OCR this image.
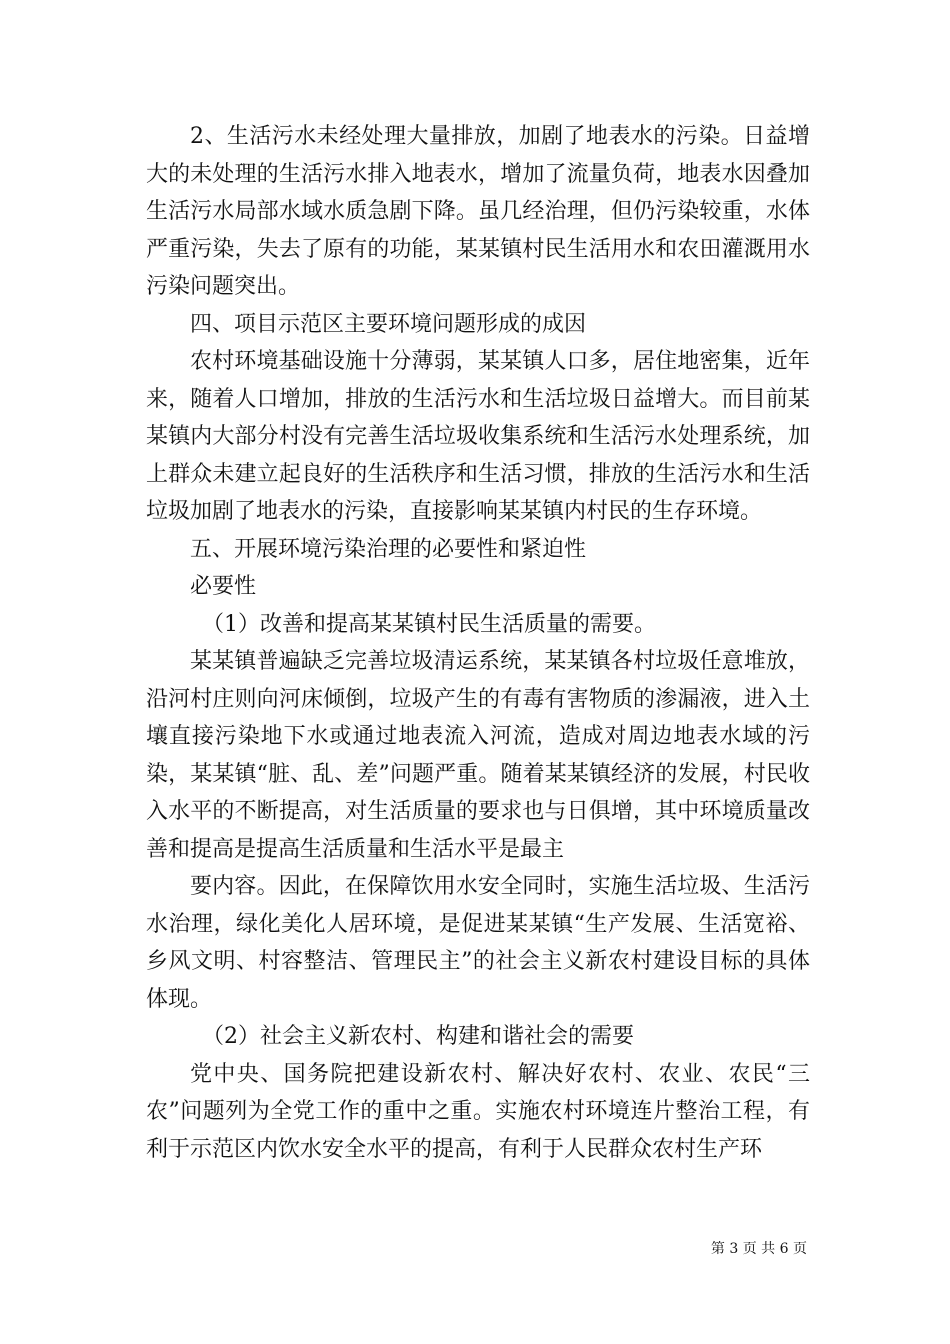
2、生活污水未经处理大量排放，加剧了地表水的污染。日益增大的未处理的生活污水排入地表水，增加了流量负荷，地表水因叠加生活污水局部水域水质急剧下降。虽几经治理，但仍污染较重，水体严重污染，失去了原有的功能，某某镇村民生活用水和农田灌溉用水污染问题突出。

四、项目示范区主要环境问题形成的成因

农村环境基础设施十分薄弱，某某镇人口多，居住地密集，近年来，随着人口增加，排放的生活污水和生活垃圾日益增大。而目前某某镇内大部分村没有完善生活垃圾收集系统和生活污水处理系统，加上群众未建立起良好的生活秩序和生活习惯，排放的生活污水和生活垃圾加剧了地表水的污染，直接影响某某镇内村民的生存环境。

五、开展环境污染治理的必要性和紧迫性

必要性

（1）改善和提高某某镇村民生活质量的需要。

某某镇普遍缺乏完善垃圾清运系统，某某镇各村垃圾任意堆放，沿河村庄则向河床倾倒，垃圾产生的有毒有害物质的渗漏液，进入土壤直接污染地下水或通过地表流入河流，造成对周边地表水域的污染，某某镇“脏、乱、差”问题严重。随着某某镇经济的发展，村民收入水平的不断提高，对生活质量的要求也与日俱增，其中环境质量改善和提高是提高生活质量和生活水平是最主

要内容。因此，在保障饮用水安全同时，实施生活垃圾、生活污水治理，绿化美化人居环境，是促进某某镇“生产发展、生活宽裕、乡风文明、村容整洁、管理民主”的社会主义新农村建设目标的具体体现。

（2）社会主义新农村、构建和谐社会的需要

党中央、国务院把建设新农村、解决好农村、农业、农民“三农”问题列为全党工作的重中之重。实施农村环境连片整治工程，有利于示范区内饮水安全水平的提高，有利于人民群众农村生产环

第 3 页 共 6 页
